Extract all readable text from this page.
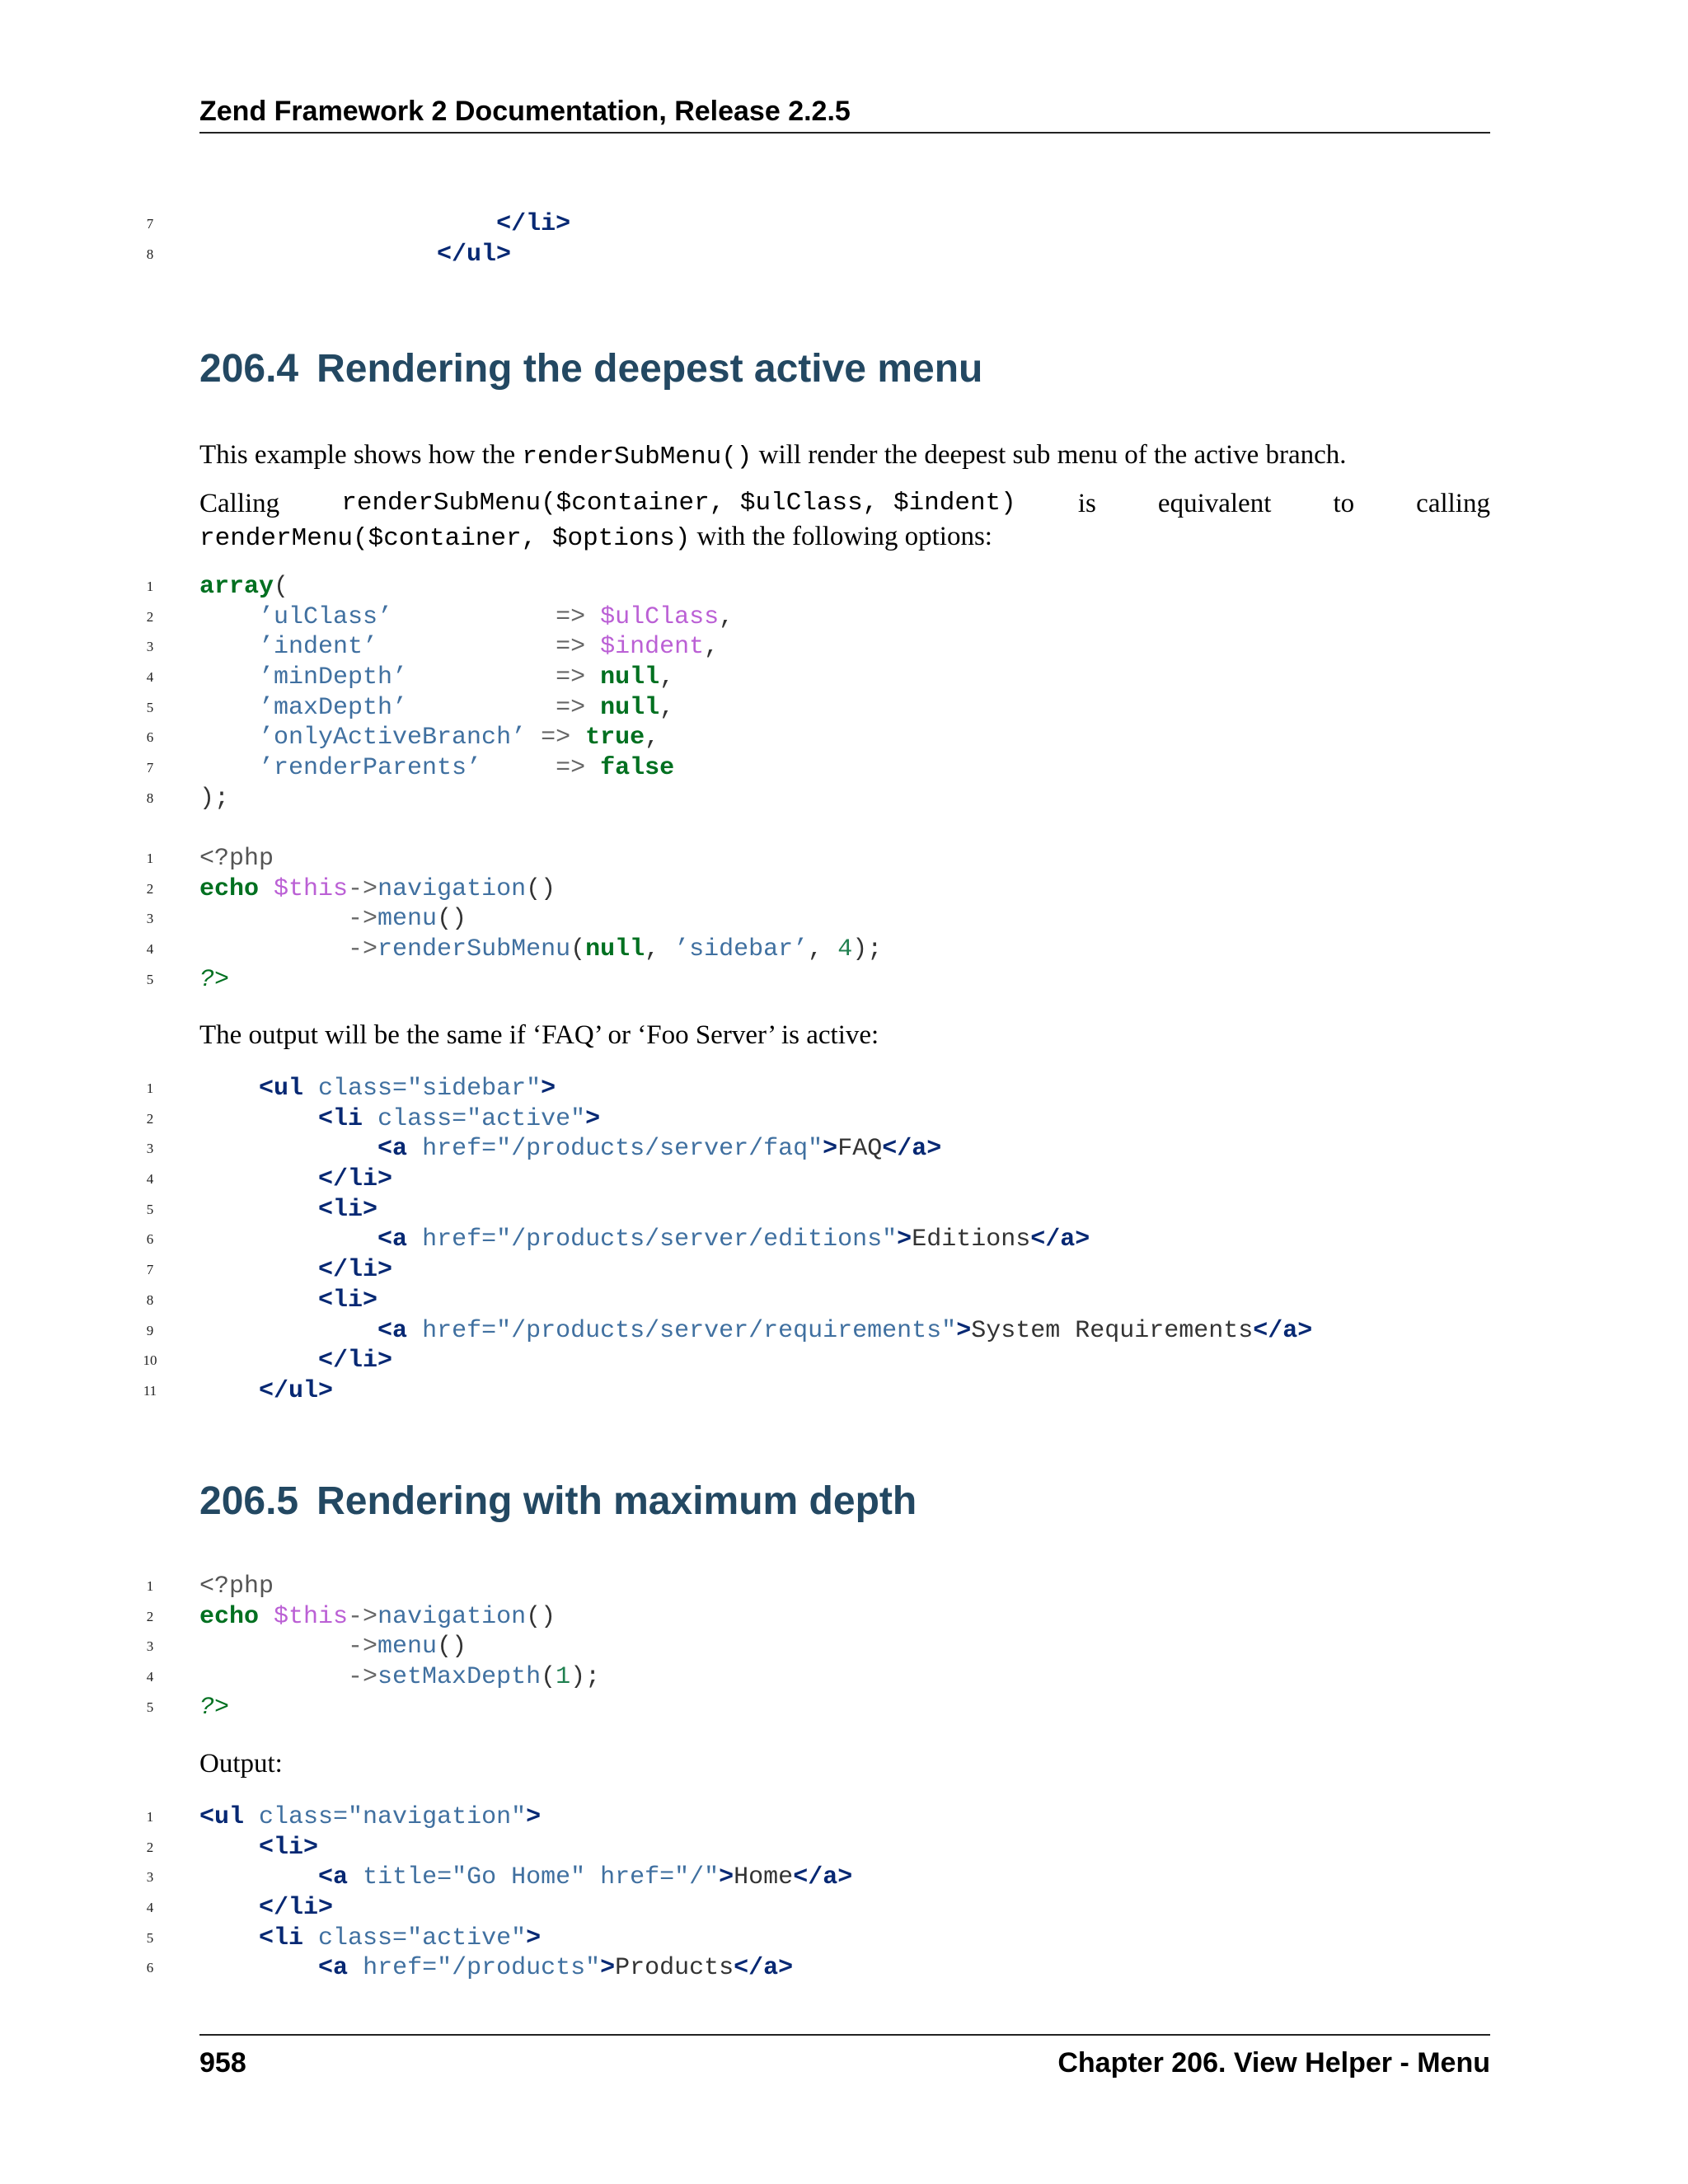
Zend Framework 2 Documentation, Release 2.2.5
7	</li>
8	</ul>
206.4 Rendering the deepest active menu

This example shows how the renderSubMenu() will render the deepest sub menu of the active branch.

Calling renderSubMenu($container, $ulClass, $indent) is equivalent to calling
renderMenu($container, $options) with the following options:
1	array(
2	’ulClass’	=> $ulClass,
3	’indent’	=> $indent,
4	’minDepth’	=> null,
5	’maxDepth’	=> null,
6	’onlyActiveBranch’ => true,
7	’renderParents’	=> false
8	);
1	<?php
2	echo $this->navigation()
3	->menu()
4	->renderSubMenu(null, ’sidebar’, 4);
5	?>

The output will be the same if ‘FAQ’ or ‘Foo Server’ is active:

1	<ul class="sidebar">
2	<li class="active">
3	<a href="/products/server/faq">FAQ</a>
4	</li>
5	<li>
6	<a href="/products/server/editions">Editions</a>
7	</li>
8	<li>
9	<a href="/products/server/requirements">System Requirements</a>
10	</li>
11	</ul>
206.5 Rendering with maximum depth
1	<?php
2	echo $this->navigation()
3	->menu()
4	->setMaxDepth(1);
5	?>

Output:

1	<ul class="navigation">
2	<li>
3	<a title="Go Home" href="/">Home</a>
4	</li>
5	<li class="active">
6	<a href="/products">Products</a>
958	Chapter 206. View Helper - Menu
